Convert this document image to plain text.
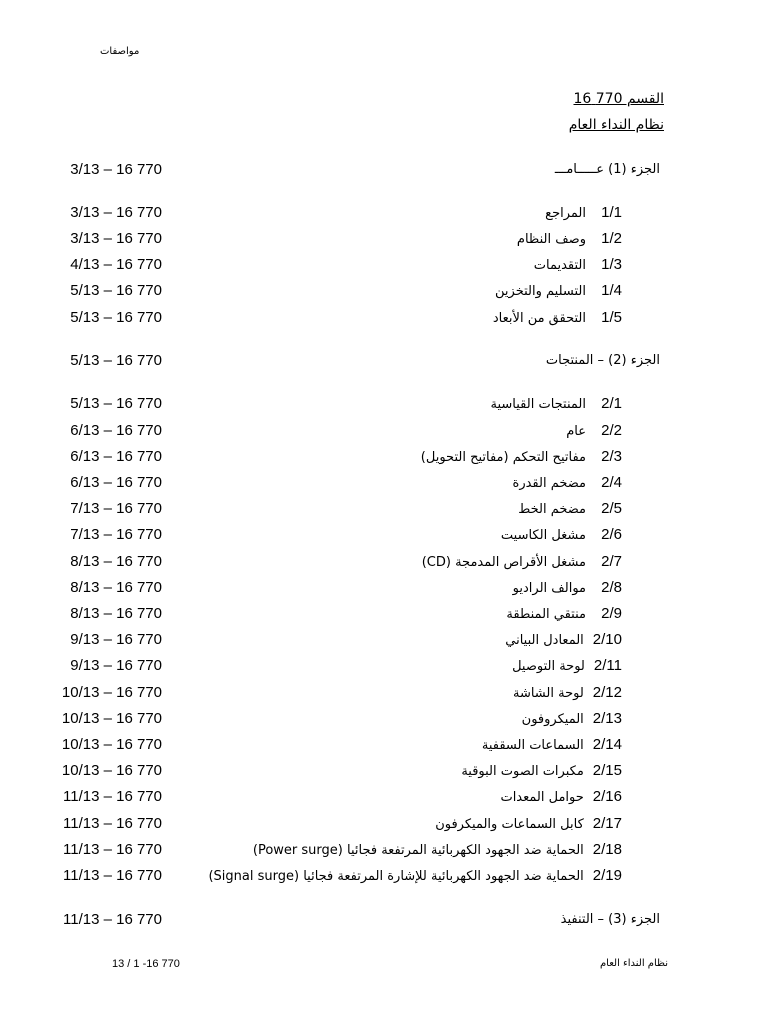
مواصفات
القسم 770 16
نظام النداء العام
3/13 – 16 770	الجزء (1) عـــــامـــ
3/13 – 16 770	1/1المراجع
3/13 – 16 770	1/2وصف النظام
4/13 – 16 770	1/3التقديمات
5/13 – 16 770	1/4التسليم والتخزين
5/13 – 16 770	1/5التحقق من الأبعاد
5/13 – 16 770	الجزء (2) – المنتجات
5/13 – 16 770	2/1المنتجات القياسية
6/13 – 16 770	2/2عام
6/13 – 16 770	2/3مفاتيح التحكم (مفاتيح التحويل)
6/13 – 16 770	2/4مضخم القدرة
7/13 – 16 770	2/5مضخم الخط
7/13 – 16 770	2/6مشغل الكاسيت
8/13 – 16 770	2/7مشغل الأقراص المدمجة (CD)
8/13 – 16 770	2/8موالف الراديو
8/13 – 16 770	2/9منتقي المنطقة
9/13 – 16 770	2/10المعادل البياني
9/13 – 16 770	2/11لوحة التوصيل
10/13 – 16 770	2/12لوحة الشاشة
10/13 – 16 770	2/13الميكروفون
10/13 – 16 770	2/14السماعات السقفية
10/13 – 16 770	2/15مكبرات الصوت البوقية
11/13 – 16 770	2/16حوامل المعدات
11/13 – 16 770	2/17كابل السماعات والميكرفون
11/13 – 16 770	2/18الحماية ضد الجهود الكهربائية المرتفعة فجائيا (Power surge)
11/13 – 16 770	2/19الحماية ضد الجهود الكهربائية للإشارة المرتفعة فجائيا (Signal surge)
11/13 – 16 770	الجزء (3) – التنفيذ
13 / 1 -16 770	نظام النداء العام
